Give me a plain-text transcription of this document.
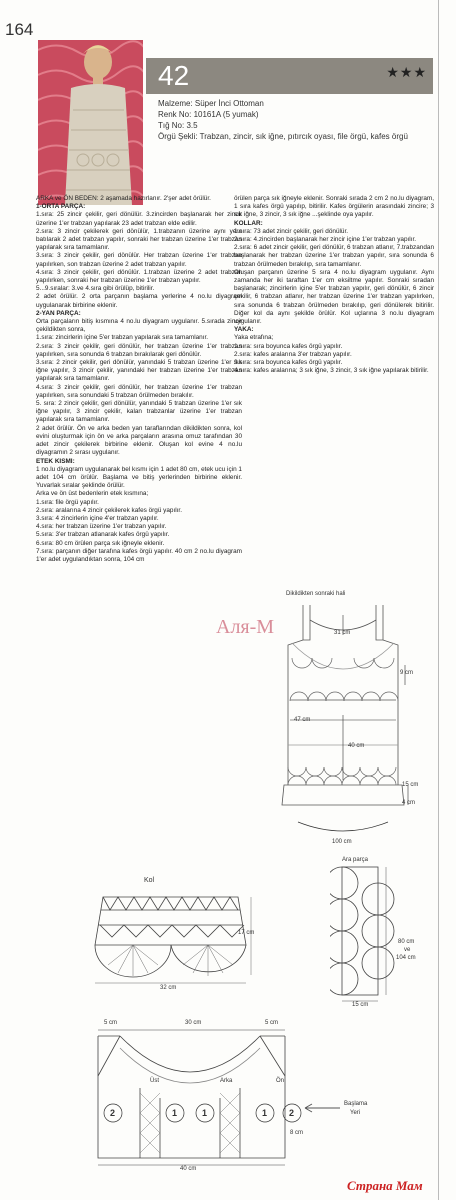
164
42	★★★
Malzeme: Süper İnci Ottoman
Renk No: 10161A (5 yumak)
Tığ No: 3.5
Örgü Şekli: Trabzan, zincir, sık iğne, pıtırcık oyası, file örgü, kafes örgü

ARKA ve ÖN BEDEN: 2 aşamada hazırlanır. 2'şer adet örülür.

1-ORTA PARÇA:

1.sıra: 25 zincir çekilir, geri dönülür. 3.zincirden başlanarak her zincir üzerine 1'er trabzan yapılarak 23 adet trabzan elde edilir.

2.sıra: 3 zincir çekilerek geri dönülür, 1.trabzanın üzerine aynı yere batılarak 2 adet trabzan yapılır, sonraki her trabzan üzerine 1'er trabzan yapılarak sıra tamamlanır.

3.sıra: 3 zincir çekilir, geri dönülür. Her trabzan üzerine 1'er trabzan yapılırken, son trabzan üzerine 2 adet trabzan yapılır.

4.sıra: 3 zincir çekilir, geri dönülür. 1.trabzan üzerine 2 adet trabzan yapılırken, sonraki her trabzan üzerine 1'er trabzan yapılır.

5...9.sıralar: 3.ve 4.sıra gibi örülüp, bitirilir.

2 adet örülür. 2 orta parçanın başlama yerlerine 4 no.lu diyagram uygulanarak birbirine eklenir.

2-YAN PARÇA:

Orta parçaların bitiş kısmına 4 no.lu diyagram uygulanır. 5.sırada zincir çekildikten sonra,

1.sıra: zincirlerin içine 5'er trabzan yapılarak sıra tamamlanır.

2.sıra: 3 zincir çekilir, geri dönülür, her trabzan üzerine 1'er trabzan yapılırken, sıra sonunda 6 trabzan bırakılarak geri dönülür.

3.sıra: 2 zincir çekilir, geri dönülür, yanındaki 5 trabzan üzerine 1'er sık iğne yapılır, 3 zincir çekilir, yanındaki her trabzan üzerine 1'er trabzan yapılarak sıra tamamlanır.

4.sıra: 3 zincir çekilir, geri dönülür, her trabzan üzerine 1'er trabzan yapılırken, sıra sonundaki 5 trabzan örülmeden bırakılır.

5. sıra: 2 zincir çekilir, geri dönülür, yanındaki 5 trabzan üzerine 1'er sık iğne yapılır, 3 zincir çekilir, kalan trabzanlar üzerine 1'er trabzan yapılarak sıra tamamlanır.

2 adet örülür. Ön ve arka beden yan taraflarından dikildikten sonra, kol evini oluşturmak için ön ve arka parçaların arasına omuz tarafından 30 adet zincir çekilerek birbirine eklenir. Oluşan kol evine 4 no.lu diyagramın 2 sırası uygulanır.

ETEK KISMI:

1 no.lu diyagram uygulanarak bel kısmı için 1 adet 80 cm, etek ucu için 1 adet 104 cm örülür. Başlama ve bitiş yerlerinden birbirine eklenir. Yuvarlak sıralar şeklinde örülür.

Arka ve ön üst bedenlerin etek kısmına;

1.sıra: file örgü yapılır.

2.sıra: aralarına 4 zincir çekilerek kafes örgü yapılır.

3.sıra: 4 zincirlerin içine 4'er trabzan yapılır.

4.sıra: her trabzan üzerine 1'er trabzan yapılır.

5.sıra: 3'er trabzan atlanarak kafes örgü yapılır.

6.sıra: 80 cm örülen parça sık iğneyle eklenir.

7.sıra: parçanın diğer tarafına kafes örgü yapılır. 40 cm 2 no.lu diyagram 1'er adet uygulandıktan sonra, 104 cm

örülen parça sık iğneyle eklenir. Sonraki sırada 2 cm 2 no.lu diyagram, 1 sıra kafes örgü yapılıp, bitirilir. Kafes örgülerin arasındaki zincire; 3 sık iğne, 3 zincir, 3 sık iğne ...şeklinde oya yapılır.

KOLLAR:

1.sıra: 73 adet zincir çekilir, geri dönülür.

2.sıra: 4.zincirden başlanarak her zincir içine 1'er trabzan yapılır.

2.sıra: 6 adet zincir çekilir, geri dönülür, 6 trabzan atlanır, 7.trabzandan başlanarak her trabzan üzerine 1'er trabzan yapılır, sıra sonunda 6 trabzan örülmeden bırakılıp, sıra tamamlanır.

Oluşan parçanın üzerine 5 sıra 4 no.lu diyagram uygulanır. Aynı zamanda her iki taraftan 1'er cm eksiltme yapılır. Sonraki sıradan başlanarak; zincirlerin içine 5'er trabzan yapılır, geri dönülür, 6 zincir çekilir, 6 trabzan atlanır, her trabzan üzerine 1'er trabzan yapılırken, sıra sonunda 6 trabzan örülmeden bırakılıp, geri dönülerek bitirilir. Diğer kol da aynı şekilde örülür. Kol uçlarına 3 no.lu diyagram uygulanır.

YAKA:

Yaka etrafına;

1.sıra: sıra boyunca kafes örgü yapılır.

2.sıra: kafes aralarına 3'er trabzan yapılır.

3.sıra: sıra boyunca kafes örgü yapılır.

4.sıra: kafes aralarına; 3 sık iğne, 3 zincir, 3 sık iğne yapılarak bitirilir.

Аля-М
Dikildikten sonraki hali
31 cm
9 cm
47 cm
40 cm
15 cm
4 cm
100 cm
Kol
17 cm
32 cm
Ara parça
80 cm
ve
104 cm
15 cm
5 cm	30 cm	5 cm
Üst	Arka	Ön
2	1	1	1 2
8 cm
Başlama
Yeri
40 cm
Страна Мам
